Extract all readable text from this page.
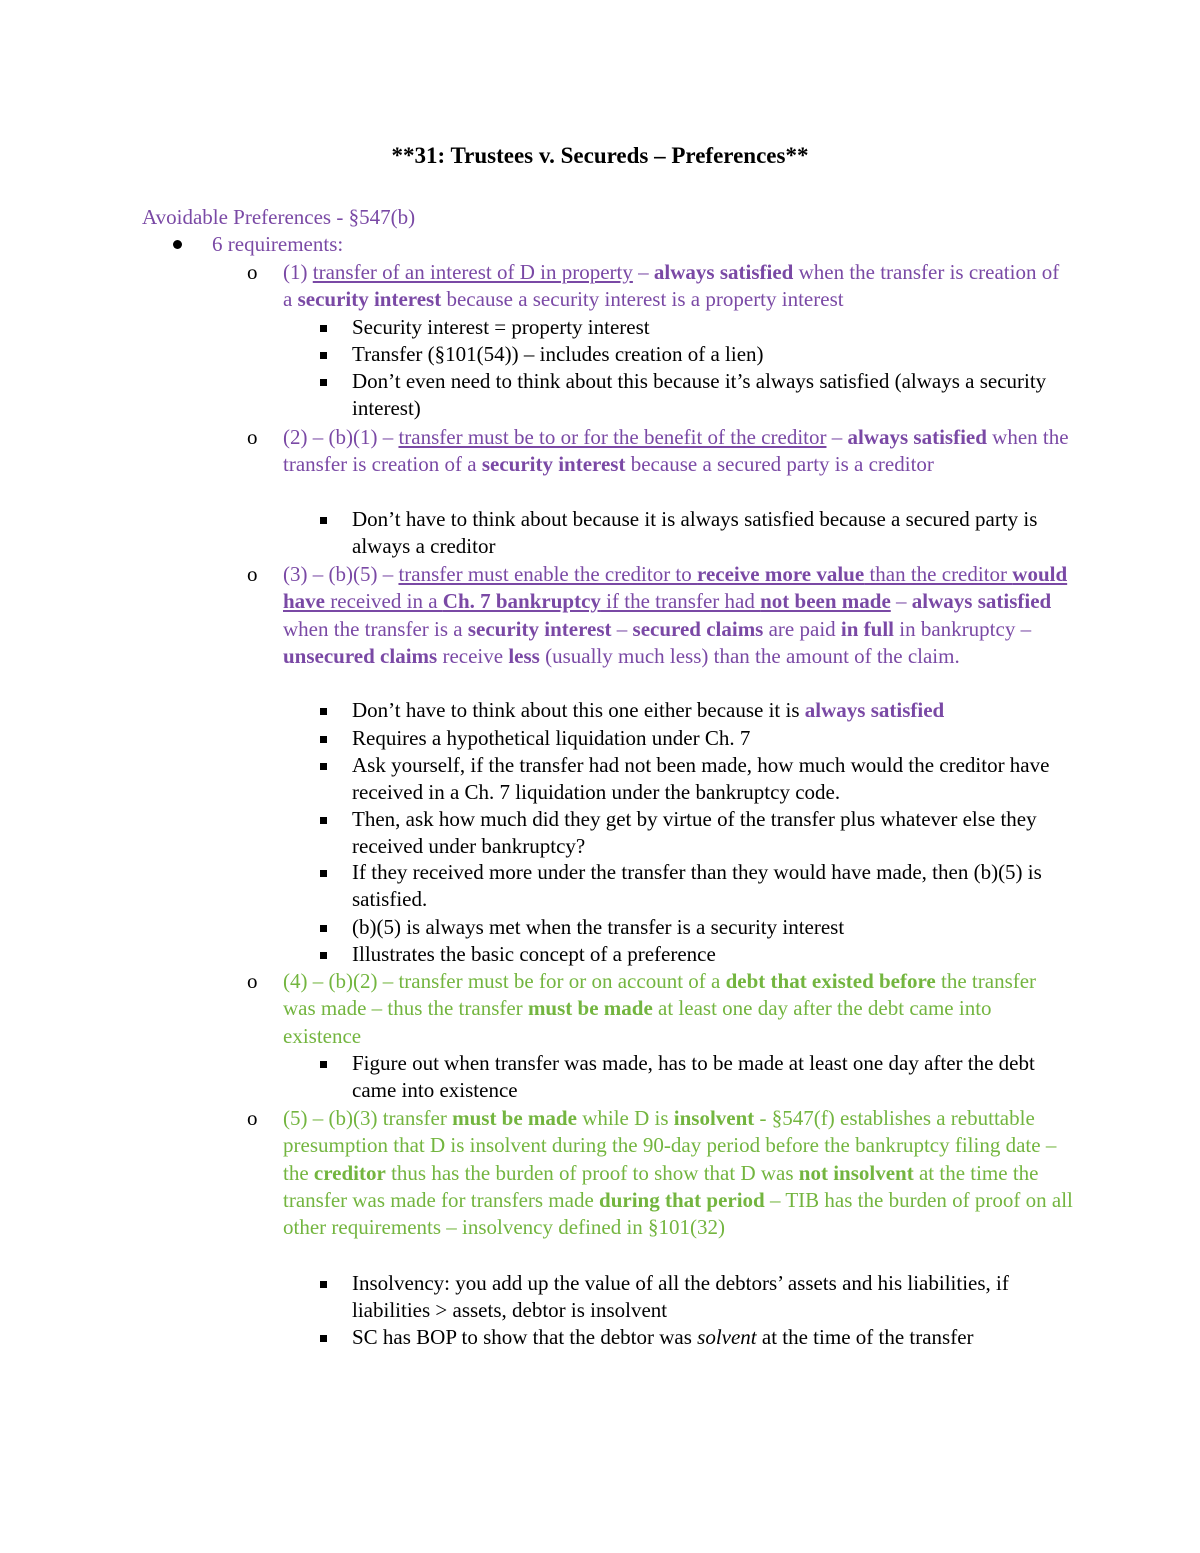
**31: Trustees v. Secureds – Preferences**
Avoidable Preferences - §547(b)
6 requirements:
o (1) transfer of an interest of D in property – always satisfied when the transfer is creation of a security interest because a security interest is a property interest
Security interest = property interest
Transfer (§101(54)) – includes creation of a lien)
Don’t even need to think about this because it’s always satisfied (always a security interest)
o (2) – (b)(1) – transfer must be to or for the benefit of the creditor – always satisfied when the transfer is creation of a security interest because a secured party is a creditor
Don’t have to think about because it is always satisfied because a secured party is always a creditor
o (3) – (b)(5) – transfer must enable the creditor to receive more value than the creditor would have received in a Ch. 7 bankruptcy if the transfer had not been made – always satisfied when the transfer is a security interest – secured claims are paid in full in bankruptcy – unsecured claims receive less (usually much less) than the amount of the claim.
Don’t have to think about this one either because it is always satisfied
Requires a hypothetical liquidation under Ch. 7
Ask yourself, if the transfer had not been made, how much would the creditor have received in a Ch. 7 liquidation under the bankruptcy code.
Then, ask how much did they get by virtue of the transfer plus whatever else they received under bankruptcy?
If they received more under the transfer than they would have made, then (b)(5) is satisfied.
(b)(5) is always met when the transfer is a security interest
Illustrates the basic concept of a preference
o (4) – (b)(2) – transfer must be for or on account of a debt that existed before the transfer was made – thus the transfer must be made at least one day after the debt came into existence
Figure out when transfer was made, has to be made at least one day after the debt came into existence
o (5) – (b)(3) transfer must be made while D is insolvent - §547(f) establishes a rebuttable presumption that D is insolvent during the 90-day period before the bankruptcy filing date – the creditor thus has the burden of proof to show that D was not insolvent at the time the transfer was made for transfers made during that period – TIB has the burden of proof on all other requirements – insolvency defined in §101(32)
Insolvency: you add up the value of all the debtors’ assets and his liabilities, if liabilities > assets, debtor is insolvent
SC has BOP to show that the debtor was solvent at the time of the transfer
